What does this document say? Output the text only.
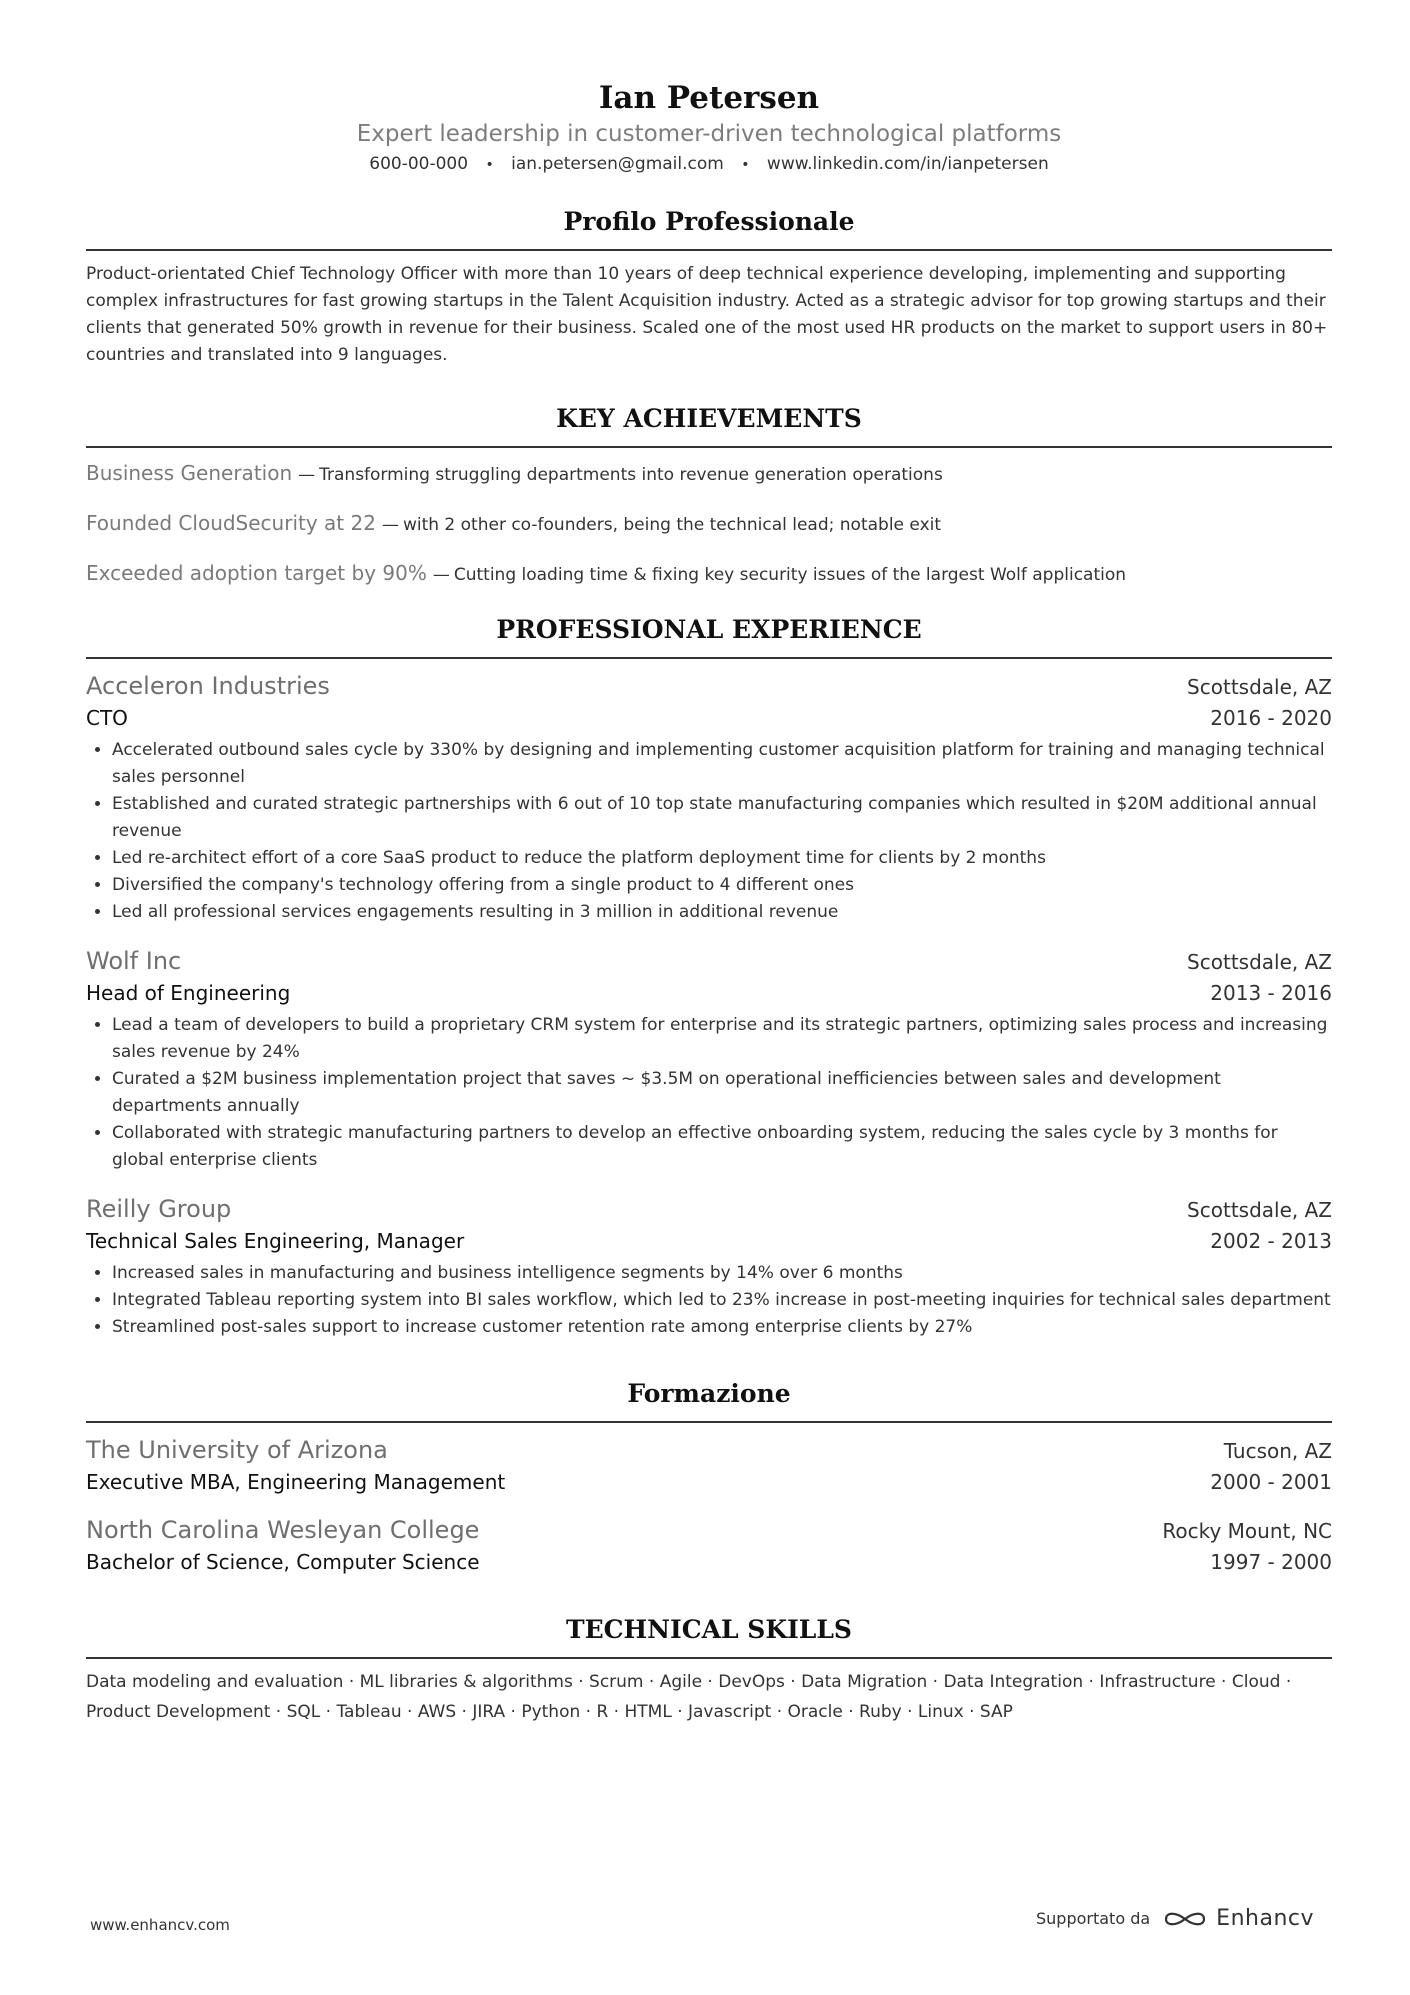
Ian Petersen
Expert leadership in customer-driven technological platforms
600-00-000 • ian.petersen@gmail.com • www.linkedin.com/in/ianpetersen
Profilo Professionale
Product-orientated Chief Technology Officer with more than 10 years of deep technical experience developing, implementing and supporting complex infrastructures for fast growing startups in the Talent Acquisition industry. Acted as a strategic advisor for top growing startups and their clients that generated 50% growth in revenue for their business. Scaled one of the most used HR products on the market to support users in 80+ countries and translated into 9 languages.
KEY ACHIEVEMENTS
Business Generation — Transforming struggling departments into revenue generation operations
Founded CloudSecurity at 22 — with 2 other co-founders, being the technical lead; notable exit
Exceeded adoption target by 90% — Cutting loading time & fixing key security issues of the largest Wolf application
PROFESSIONAL EXPERIENCE
Acceleron Industries	Scottsdale, AZ
CTO	2016 - 2020
• Accelerated outbound sales cycle by 330% by designing and implementing customer acquisition platform for training and managing technical sales personnel
• Established and curated strategic partnerships with 6 out of 10 top state manufacturing companies which resulted in $20M additional annual revenue
• Led re-architect effort of a core SaaS product to reduce the platform deployment time for clients by 2 months
• Diversified the company's technology offering from a single product to 4 different ones
• Led all professional services engagements resulting in 3 million in additional revenue
Wolf Inc	Scottsdale, AZ
Head of Engineering	2013 - 2016
• Lead a team of developers to build a proprietary CRM system for enterprise and its strategic partners, optimizing sales process and increasing sales revenue by 24%
• Curated a $2M business implementation project that saves ~ $3.5M on operational inefficiencies between sales and development departments annually
• Collaborated with strategic manufacturing partners to develop an effective onboarding system, reducing the sales cycle by 3 months for global enterprise clients
Reilly Group	Scottsdale, AZ
Technical Sales Engineering, Manager	2002 - 2013
• Increased sales in manufacturing and business intelligence segments by 14% over 6 months
• Integrated Tableau reporting system into BI sales workflow, which led to 23% increase in post-meeting inquiries for technical sales department
• Streamlined post-sales support to increase customer retention rate among enterprise clients by 27%
Formazione
The University of Arizona	Tucson, AZ
Executive MBA, Engineering Management	2000 - 2001
North Carolina Wesleyan College	Rocky Mount, NC
Bachelor of Science, Computer Science	1997 - 2000
TECHNICAL SKILLS
Data modeling and evaluation · ML libraries & algorithms · Scrum · Agile · DevOps · Data Migration · Data Integration · Infrastructure · Cloud ·
Product Development · SQL · Tableau · AWS · JIRA · Python · R · HTML · Javascript · Oracle · Ruby · Linux · SAP
www.enhancv.com	Supportato da	Enhancv
